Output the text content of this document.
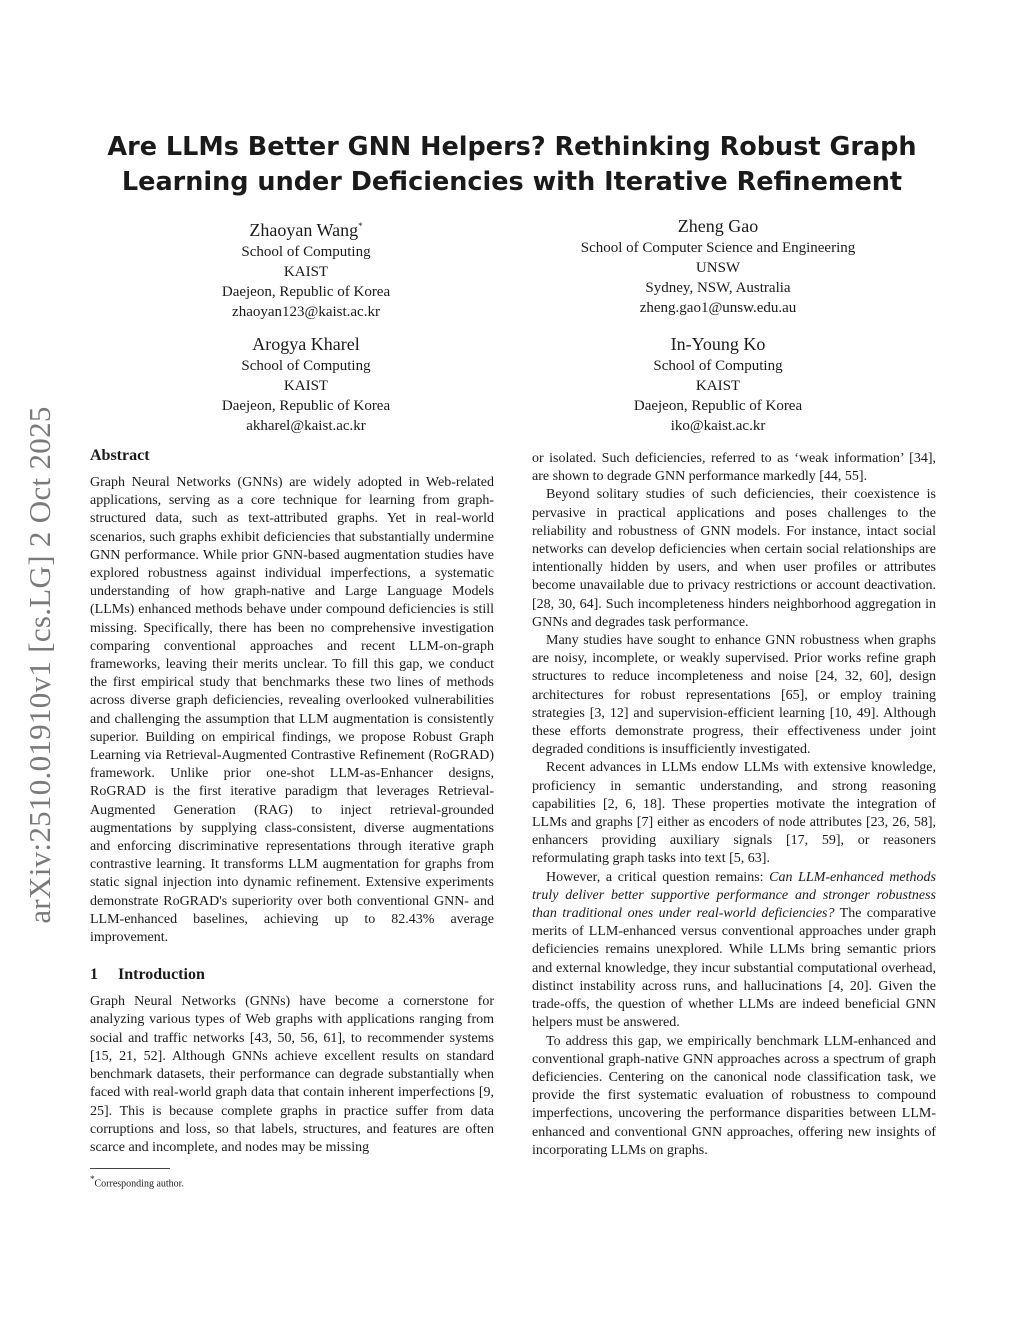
arXiv:2510.01910v1 [cs.LG] 2 Oct 2025
Are LLMs Better GNN Helpers? Rethinking Robust Graph Learning under Deficiencies with Iterative Refinement
Zhaoyan Wang*
School of Computing
KAIST
Daejeon, Republic of Korea
zhaoyan123@kaist.ac.kr
Zheng Gao
School of Computer Science and Engineering
UNSW
Sydney, NSW, Australia
zheng.gao1@unsw.edu.au
Arogya Kharel
School of Computing
KAIST
Daejeon, Republic of Korea
akharel@kaist.ac.kr
In-Young Ko
School of Computing
KAIST
Daejeon, Republic of Korea
iko@kaist.ac.kr
Abstract

Graph Neural Networks (GNNs) are widely adopted in Web-related applications, serving as a core technique for learning from graph-structured data, such as text-attributed graphs. Yet in real-world scenarios, such graphs exhibit deficiencies that substantially undermine GNN performance. While prior GNN-based augmentation studies have explored robustness against individual imperfections, a systematic understanding of how graph-native and Large Language Models (LLMs) enhanced methods behave under compound deficiencies is still missing. Specifically, there has been no comprehensive investigation comparing conventional approaches and recent LLM-on-graph frameworks, leaving their merits unclear. To fill this gap, we conduct the first empirical study that benchmarks these two lines of methods across diverse graph deficiencies, revealing overlooked vulnerabilities and challenging the assumption that LLM augmentation is consistently superior. Building on empirical findings, we propose Robust Graph Learning via Retrieval-Augmented Contrastive Refinement (RoGRAD) framework. Unlike prior one-shot LLM-as-Enhancer designs, RoGRAD is the first iterative paradigm that leverages Retrieval-Augmented Generation (RAG) to inject retrieval-grounded augmentations by supplying class-consistent, diverse augmentations and enforcing discriminative representations through iterative graph contrastive learning. It transforms LLM augmentation for graphs from static signal injection into dynamic refinement. Extensive experiments demonstrate RoGRAD's superiority over both conventional GNN- and LLM-enhanced baselines, achieving up to 82.43% average improvement.

1 Introduction

Graph Neural Networks (GNNs) have become a cornerstone for analyzing various types of Web graphs with applications ranging from social and traffic networks [43, 50, 56, 61], to recommender systems [15, 21, 52]. Although GNNs achieve excellent results on standard benchmark datasets, their performance can degrade substantially when faced with real-world graph data that contain inherent imperfections [9, 25]. This is because complete graphs in practice suffer from data corruptions and loss, so that labels, structures, and features are often scarce and incomplete, and nodes may be missing

or isolated. Such deficiencies, referred to as ‘weak information’ [34], are shown to degrade GNN performance markedly [44, 55].

Beyond solitary studies of such deficiencies, their coexistence is pervasive in practical applications and poses challenges to the reliability and robustness of GNN models. For instance, intact social networks can develop deficiencies when certain social relationships are intentionally hidden by users, and when user profiles or attributes become unavailable due to privacy restrictions or account deactivation.[28, 30, 64]. Such incompleteness hinders neighborhood aggregation in GNNs and degrades task performance.

Many studies have sought to enhance GNN robustness when graphs are noisy, incomplete, or weakly supervised. Prior works refine graph structures to reduce incompleteness and noise [24, 32, 60], design architectures for robust representations [65], or employ training strategies [3, 12] and supervision-efficient learning [10, 49]. Although these efforts demonstrate progress, their effectiveness under joint degraded conditions is insufficiently investigated.

Recent advances in LLMs endow LLMs with extensive knowledge, proficiency in semantic understanding, and strong reasoning capabilities [2, 6, 18]. These properties motivate the integration of LLMs and graphs [7] either as encoders of node attributes [23, 26, 58], enhancers providing auxiliary signals [17, 59], or reasoners reformulating graph tasks into text [5, 63].

However, a critical question remains: Can LLM-enhanced methods truly deliver better supportive performance and stronger robustness than traditional ones under real-world deficiencies? The comparative merits of LLM-enhanced versus conventional approaches under graph deficiencies remains unexplored. While LLMs bring semantic priors and external knowledge, they incur substantial computational overhead, distinct instability across runs, and hallucinations [4, 20]. Given the trade-offs, the question of whether LLMs are indeed beneficial GNN helpers must be answered.

To address this gap, we empirically benchmark LLM-enhanced and conventional graph-native GNN approaches across a spectrum of graph deficiencies. Centering on the canonical node classification task, we provide the first systematic evaluation of robustness to compound imperfections, uncovering the performance disparities between LLM-enhanced and conventional GNN approaches, offering new insights of incorporating LLMs on graphs.

*Corresponding author.
